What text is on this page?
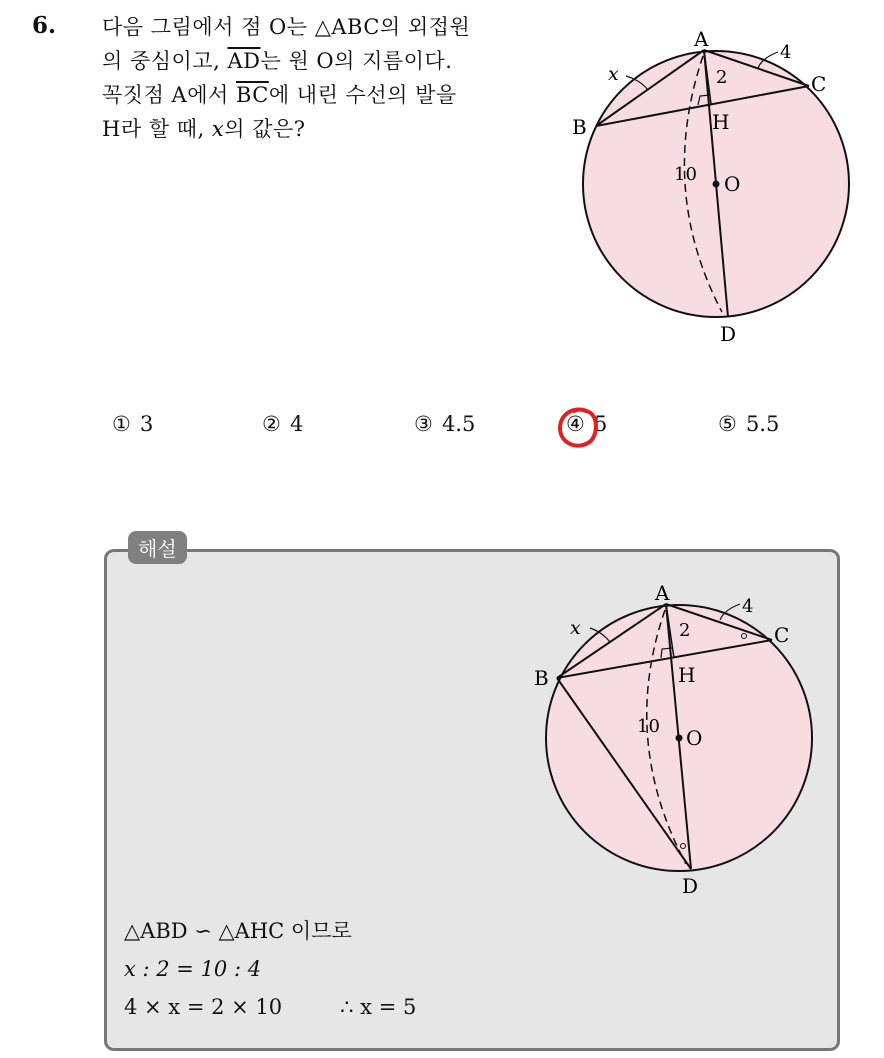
6. 다음 그림에서 점 O는 △ABC의 외접원
의 중심이고, $\overline{AD}$는 원 O의 지름이다.
꼭짓점 A에서 $\overline{BC}$에 내린 수선의 발을
H라 할 때, x의 값은?
A
B
C
D
H
O
x
4
2
10
① 3	② 4	③ 4.5	④ 5	⑤ 5.5
해설
A
B
C
D
H
O
x
4
2
10
△ABD ∽ △AHC 이므로
x : 2 = 10 : 4
4 × x = 2 × 10	∴ x = 5
